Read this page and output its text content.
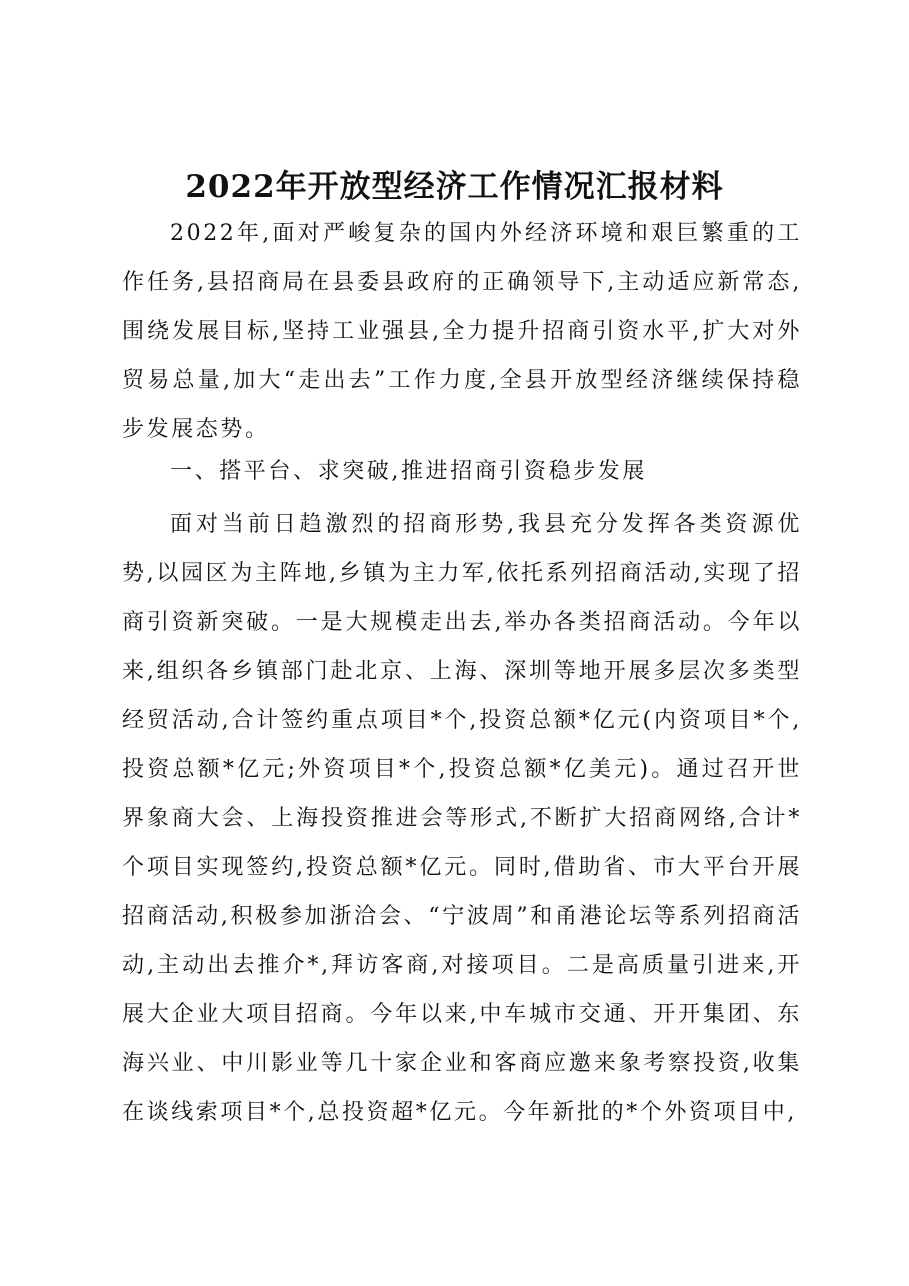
2022年开放型经济工作情况汇报材料

2022年,面对严峻复杂的国内外经济环境和艰巨繁重的工作任务,县招商局在县委县政府的正确领导下,主动适应新常态,围绕发展目标,坚持工业强县,全力提升招商引资水平,扩大对外贸易总量,加大“走出去”工作力度,全县开放型经济继续保持稳步发展态势。

一、搭平台、求突破,推进招商引资稳步发展

面对当前日趋激烈的招商形势,我县充分发挥各类资源优势,以园区为主阵地,乡镇为主力军,依托系列招商活动,实现了招商引资新突破。一是大规模走出去,举办各类招商活动。今年以来,组织各乡镇部门赴北京、上海、深圳等地开展多层次多类型经贸活动,合计签约重点项目*个,投资总额*亿元(内资项目*个,投资总额*亿元;外资项目*个,投资总额*亿美元)。通过召开世界象商大会、上海投资推进会等形式,不断扩大招商网络,合计*个项目实现签约,投资总额*亿元。同时,借助省、市大平台开展招商活动,积极参加浙洽会、“宁波周”和甬港论坛等系列招商活动,主动出去推介*,拜访客商,对接项目。二是高质量引进来,开展大企业大项目招商。今年以来,中车城市交通、开开集团、东海兴业、中川影业等几十家企业和客商应邀来象考察投资,收集在谈线索项目*个,总投资超*亿元。今年新批的*个外资项目中,
